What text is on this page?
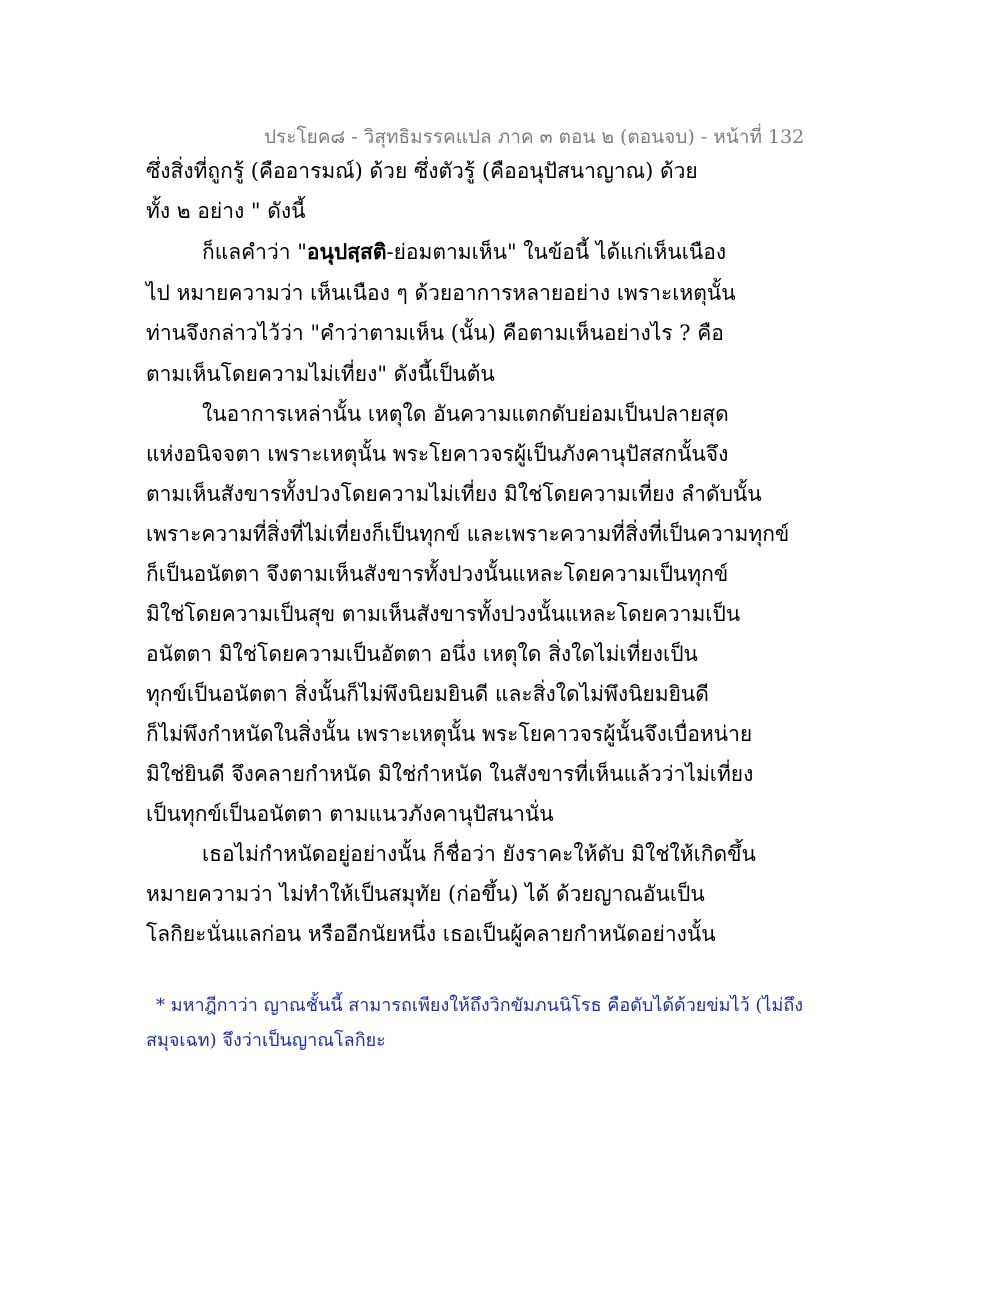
ประโยค๘ - วิสุทธิมรรคแปล ภาค ๓ ตอน ๒ (ตอนจบ) - หน้าที่ 132
ซึ่งสิ่งที่ถูกรู้ (คืออารมณ์) ด้วย ซึ่งตัวรู้ (คืออนุปัสนาญาณ) ด้วย
ทั้ง ๒ อย่าง " ดังนี้
ก็แลคำว่า "อนุปสฺสติ-ย่อมตามเห็น" ในข้อนี้ ได้แก่เห็นเนือง
ไป หมายความว่า เห็นเนือง ๆ ด้วยอาการหลายอย่าง เพราะเหตุนั้น
ท่านจึงกล่าวไว้ว่า "คำว่าตามเห็น (นั้น) คือตามเห็นอย่างไร ? คือ
ตามเห็นโดยความไม่เที่ยง" ดังนี้เป็นต้น
ในอาการเหล่านั้น เหตุใด อันความแตกดับย่อมเป็นปลายสุด
แห่งอนิจจตา เพราะเหตุนั้น พระโยคาวจรผู้เป็นภังคานุปัสสกนั้นจึง
ตามเห็นสังขารทั้งปวงโดยความไม่เที่ยง มิใช่โดยความเที่ยง ลำดับนั้น
เพราะความที่สิ่งที่ไม่เที่ยงก็เป็นทุกข์ และเพราะความที่สิ่งที่เป็นความทุกข์
ก็เป็นอนัตตา จึงตามเห็นสังขารทั้งปวงนั้นแหละโดยความเป็นทุกข์
มิใช่โดยความเป็นสุข ตามเห็นสังขารทั้งปวงนั้นแหละโดยความเป็น
อนัตตา มิใช่โดยความเป็นอัตตา อนึ่ง เหตุใด สิ่งใดไม่เที่ยงเป็น
ทุกข์เป็นอนัตตา สิ่งนั้นก็ไม่พึงนิยมยินดี และสิ่งใดไม่พึงนิยมยินดี
ก็ไม่พึงกำหนัดในสิ่งนั้น เพราะเหตุนั้น พระโยคาวจรผู้นั้นจึงเบื่อหน่าย
มิใช่ยินดี จึงคลายกำหนัด มิใช่กำหนัด ในสังขารที่เห็นแล้วว่าไม่เที่ยง
เป็นทุกข์เป็นอนัตตา ตามแนวภังคานุปัสนานั่น
เธอไม่กำหนัดอยู่อย่างนั้น ก็ชื่อว่า ยังราคะให้ดับ มิใช่ให้เกิดขึ้น
หมายความว่า ไม่ทำให้เป็นสมุทัย (ก่อขึ้น) ได้ ด้วยญาณอันเป็น
โลกิยะนั่นแลก่อน หรืออีกนัยหนึ่ง เธอเป็นผู้คลายกำหนัดอย่างนั้น
* มหาฎีกาว่า ญาณชั้นนี้ สามารถเพียงให้ถึงวิกขัมภนนิโรธ คือดับได้ด้วยข่มไว้ (ไม่ถึง
สมุจเฉท) จึงว่าเป็นญาณโลกิยะ
